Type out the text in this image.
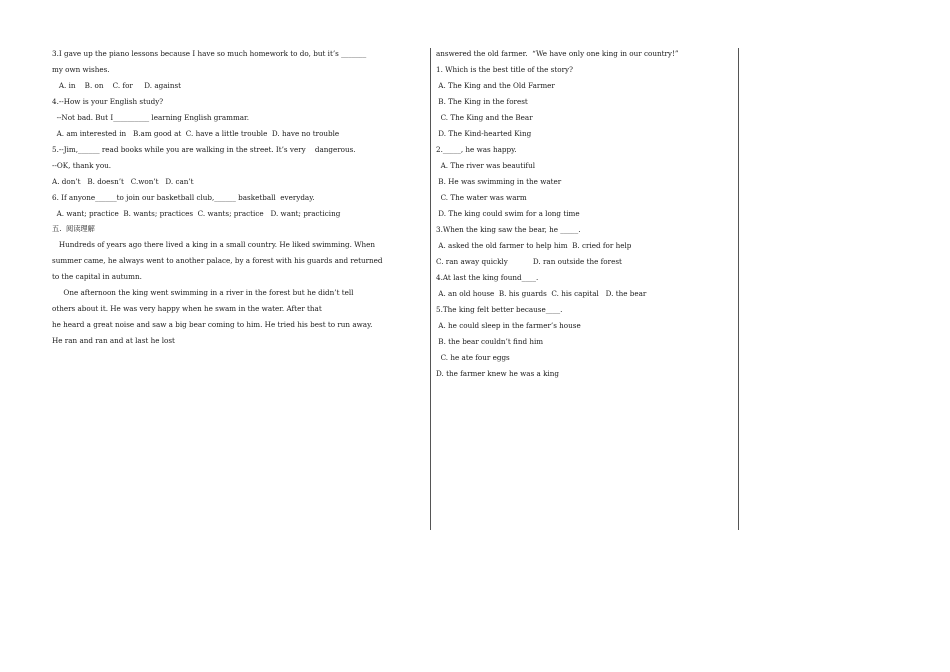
3.I gave up the piano lessons because I have so much homework to do, but it’s _______

my own wishes.

A. in    B. on    C. for     D. against

4.--How is your English study?

--Not bad. But I__________ learning English grammar.

A. am interested in   B.am good at  C. have a little trouble  D. have no trouble

5.--Jim,______ read books while you are walking in the street. It’s very    dangerous.

--OK, thank you.

A. don’t   B. doesn’t   C.won’t   D. can’t

6. If anyone______to join our basketball club,______ basketball  everyday.

A. want; practice  B. wants; practices  C. wants; practice   D. want; practicing

五.  阅读理解

Hundreds of years ago there lived a king in a small country. He liked swimming. When

summer came, he always went to another palace, by a forest with his guards and returned

to the capital in autumn.

One afternoon the king went swimming in a river in the forest but he didn’t tell

others about it. He was very happy when he swam in the water. After that

he heard a great noise and saw a big bear coming to him. He tried his best to run away.

He ran and ran and at last he lost

answered the old farmer.  “We have only one king in our country!”

1. Which is the best title of the story?

A. The King and the Old Farmer

B. The King in the forest

C. The King and the Bear

D. The Kind-hearted King

2._____, he was happy.

A. The river was beautiful

B. He was swimming in the water

C. The water was warm

D. The king could swim for a long time

3.When the king saw the bear, he _____.

A. asked the old farmer to help him  B. cried for help

C. ran away quickly           D. ran outside the forest

4.At last the king found____.

A. an old house  B. his guards  C. his capital   D. the bear

5.The king felt better because____.

A. he could sleep in the farmer’s house

B. the bear couldn’t find him

C. he ate four eggs

D. the farmer knew he was a king
